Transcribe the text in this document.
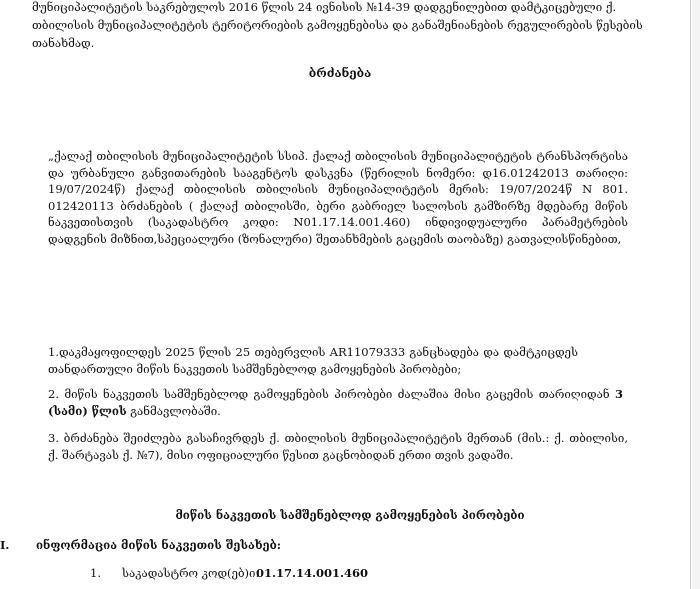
მუნიციპალიტეტის საკრებულოს 2016 წლის 24 ივნისის №14-39 დადგენილებით დამტკიცებული ქ.
თბილისის მუნიციპალიტეტის ტერიტორიების გამოყენებისა და განაშენიანების რეგულირების წესების
თანახმად.
ბრძანება
„ქალაქ თბილისის მუნიციპალიტეტის სსიპ. ქალაქ თბილისის მუნიციპალიტეტის ტრანსპორტისა და ურბანული განვითარების სააგენტოს დასკვნა (წერილის ნომერი: დ16.01242013 თარიღი: 19/07/2024წ) ქალაქ თბილისის თბილისის მუნიციპალიტეტის მერის: 19/07/2024წ N 801. 012420113 ბრძანების ( ქალაქ თბილისში, ბერი გაბრიელ სალოსის გამზირზე მდებარე მიწის ნაკვეთისთვის (საკადასტრო კოდი: N01.17.14.001.460) ინდივიდუალური პარამეტრების დადგენის მიზნით,სპეციალური (ზონალური) შეთანხმების გაცემის თაობაზე) გათვალისწინებით,
1.დაკმაყოფილდეს 2025 წლის 25 თებერვლის AR11079333 განცხადება და დამტკიცდეს თანდართული მიწის ნაკვეთის სამშენებლოდ გამოყენების პირობები;
2. მიწის ნაკვეთის სამშენებლოდ გამოყენების პირობები ძალაშია მისი გაცემის თარიღიდან 3 (სამი) წლის განმავლობაში.
3. ბრძანება შეიძლება გასაჩივრდეს ქ. თბილისის მუნიციპალიტეტის მერთან (მის.: ქ. თბილისი, ქ. შარტავას ქ. №7), მისი ოფიციალური წესით გაცნობიდან ერთი თვის ვადაში.
მიწის ნაკვეთის სამშენებლოდ გამოყენების პირობები
I. ინფორმაცია მიწის ნაკვეთის შესახებ:
1. საკადასტრო კოდ(ებ)ი:
01.17.14.001.460
